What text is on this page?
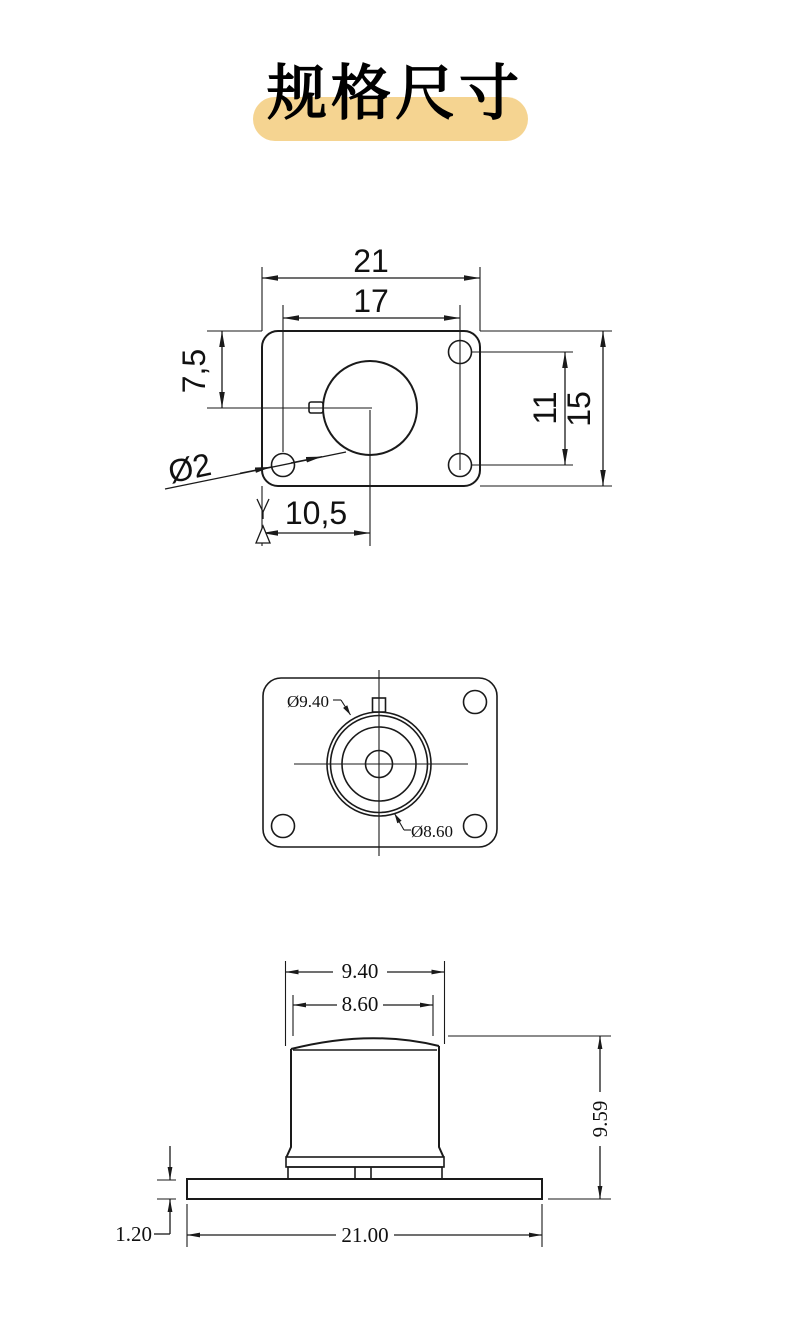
规格尺寸
21
17
7,5
11
15
Ø2
10,5
Ø9.40
Ø8.60
9.40
8.60
9.59
1.20	21.00
